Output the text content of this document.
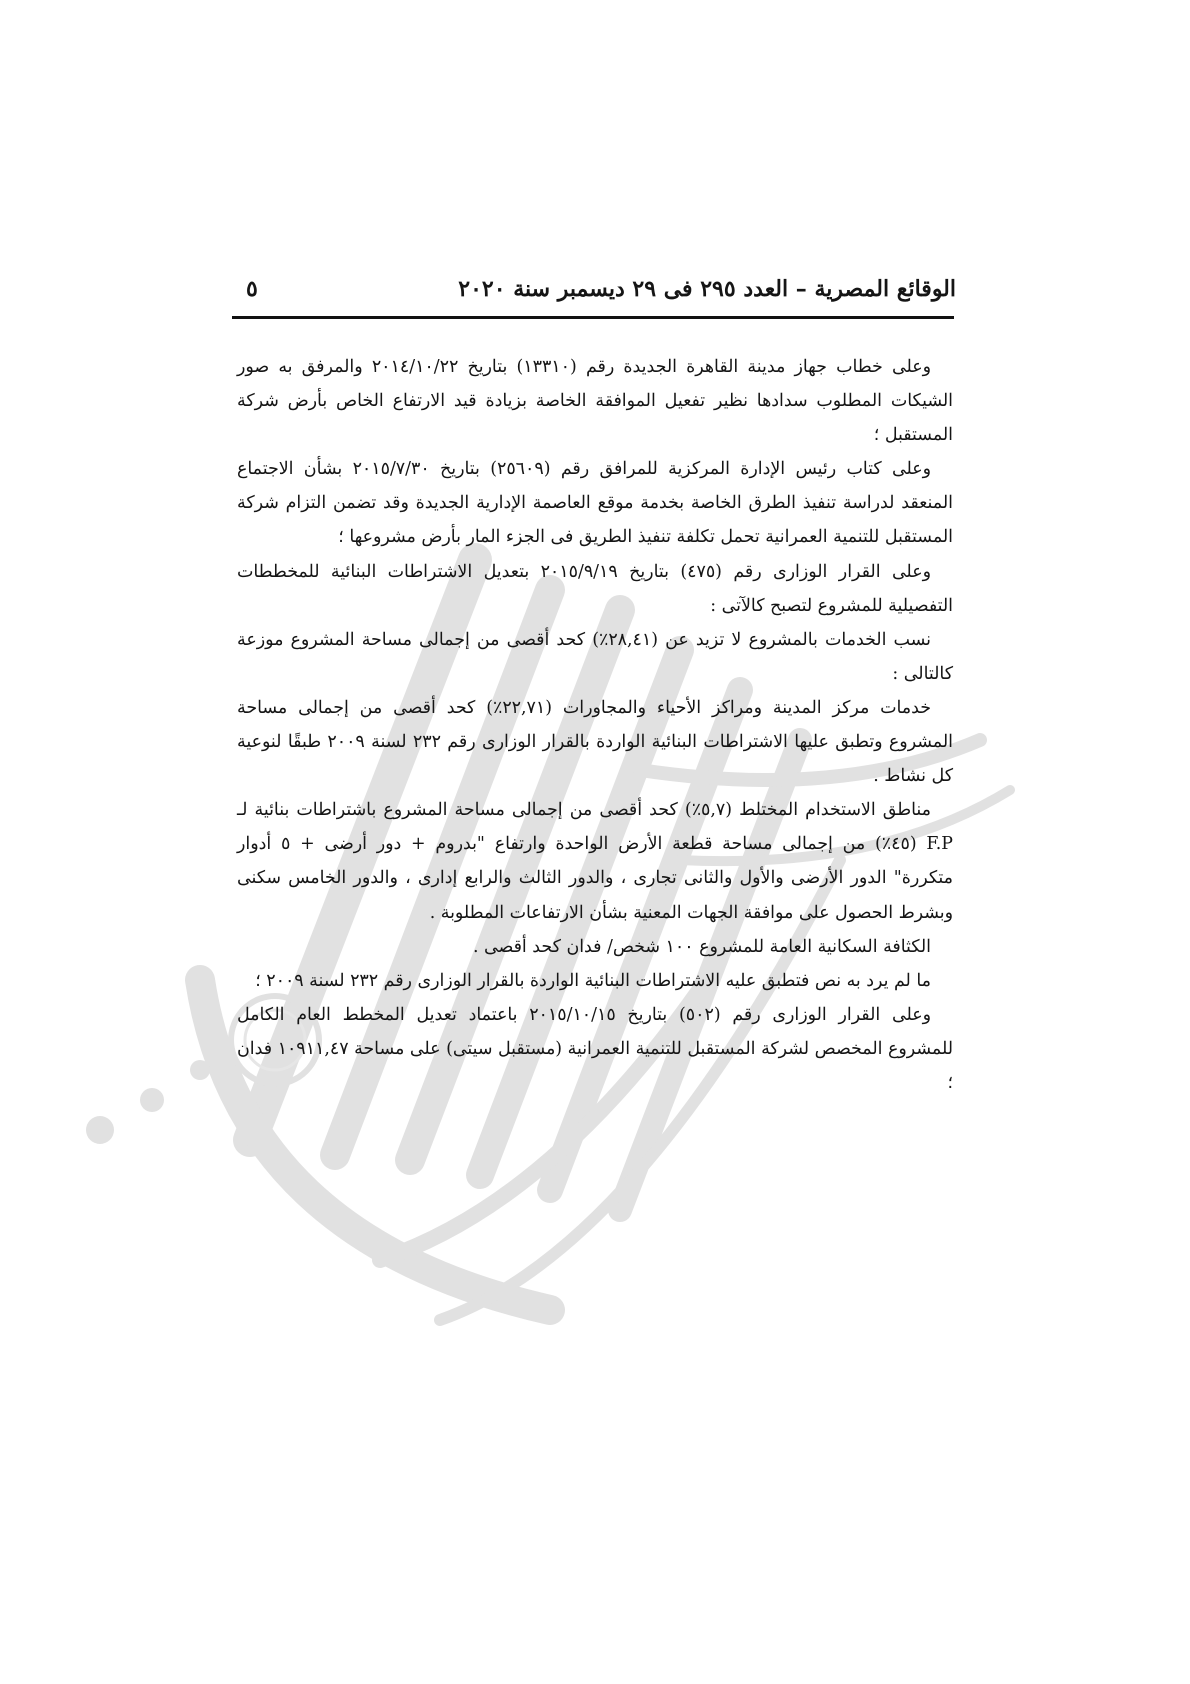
الوقائع المصرية – العدد ٢٩٥ فى ٢٩ ديسمبر سنة ٢٠٢٠
٥

وعلى خطاب جهاز مدينة القاهرة الجديدة رقم (١٣٣١٠) بتاريخ ٢٠١٤/١٠/٢٢ والمرفق به صور الشيكات المطلوب سدادها نظير تفعيل الموافقة الخاصة بزيادة قيد الارتفاع الخاص بأرض شركة المستقبل ؛

وعلى كتاب رئيس الإدارة المركزية للمرافق رقم (٢٥٦٠٩) بتاريخ ٢٠١٥/٧/٣٠ بشأن الاجتماع المنعقد لدراسة تنفيذ الطرق الخاصة بخدمة موقع العاصمة الإدارية الجديدة وقد تضمن التزام شركة المستقبل للتنمية العمرانية تحمل تكلفة تنفيذ الطريق فى الجزء المار بأرض مشروعها ؛

وعلى القرار الوزارى رقم (٤٧٥) بتاريخ ٢٠١٥/٩/١٩ بتعديل الاشتراطات البنائية للمخططات التفصيلية للمشروع لتصبح كالآتى :

نسب الخدمات بالمشروع لا تزيد عن (٢٨,٤١٪) كحد أقصى من إجمالى مساحة المشروع موزعة كالتالى :

خدمات مركز المدينة ومراكز الأحياء والمجاورات (٢٢,٧١٪) كحد أقصى من إجمالى مساحة المشروع وتطبق عليها الاشتراطات البنائية الواردة بالقرار الوزارى رقم ٢٣٢ لسنة ٢٠٠٩ طبقًا لنوعية كل نشاط .

مناطق الاستخدام المختلط (٥,٧٪) كحد أقصى من إجمالى مساحة المشروع باشتراطات بنائية لـ F.P (٤٥٪) من إجمالى مساحة قطعة الأرض الواحدة وارتفاع "بدروم + دور أرضى + ٥ أدوار متكررة" الدور الأرضى والأول والثانى تجارى ، والدور الثالث والرابع إدارى ، والدور الخامس سكنى وبشرط الحصول على موافقة الجهات المعنية بشأن الارتفاعات المطلوبة .

الكثافة السكانية العامة للمشروع ١٠٠ شخص/ فدان كحد أقصى .

ما لم يرد به نص فتطبق عليه الاشتراطات البنائية الواردة بالقرار الوزارى رقم ٢٣٢ لسنة ٢٠٠٩ ؛

وعلى القرار الوزارى رقم (٥٠٢) بتاريخ ٢٠١٥/١٠/١٥ باعتماد تعديل المخطط العام الكامل للمشروع المخصص لشركة المستقبل للتنمية العمرانية (مستقبل سيتى) على مساحة ١٠٩١١,٤٧ فدان ؛
